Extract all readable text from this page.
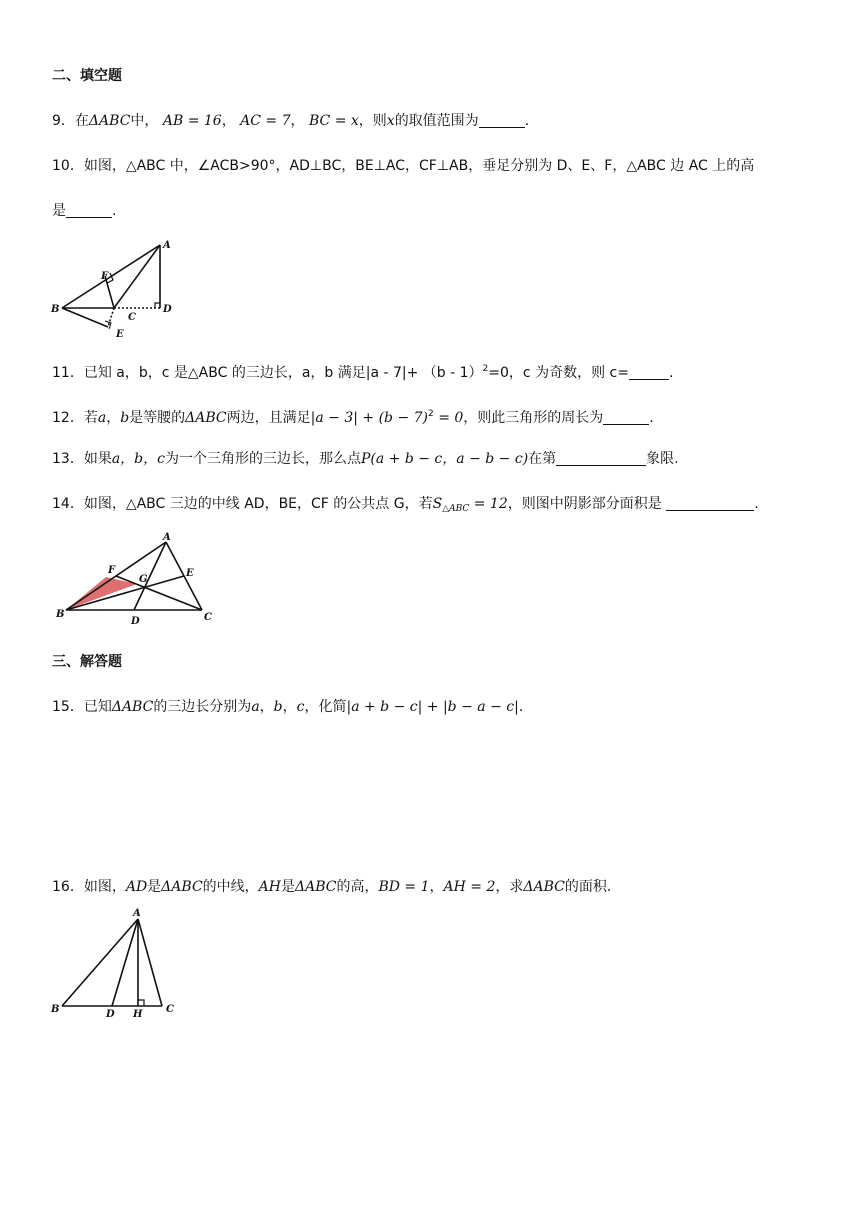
二、填空题
9．在ΔABC中， AB = 16， AC = 7， BC = x，则x的取值范围为	.
10．如图，△ABC 中，∠ACB>90°，AD⊥BC，BE⊥AC，CF⊥AB，垂足分别为 D、E、F，△ABC 边 AC 上的高
是	.
A
B
C
D
E
F
11．已知 a，b，c 是△ABC 的三边长，a，b 满足|a - 7|+ （b - 1）$^2$=0，c 为奇数，则 c=	.
12．若a，b是等腰的ΔABC两边，且满足$|a - 3| + (b - 7)^2 = 0$，则此三角形的周长为	.
13．如果a，b，c为一个三角形的三边长，那么点P(a + b − c，a − b − c)在第	象限.
14．如图，△ABC 三边的中线 AD，BE，CF 的公共点 G，若$S_{\triangle ABC} = 12$，则图中阴影部分面积是	.
A
B	C
D
E
F
G
三、解答题
15．已知ΔABC的三边长分别为a，b，c，化简|a + b − c| + |b − a − c|.
16．如图，AD是ΔABC的中线，AH是ΔABC的高，BD = 1，AH = 2，求ΔABC的面积.
A
B	C
D H
